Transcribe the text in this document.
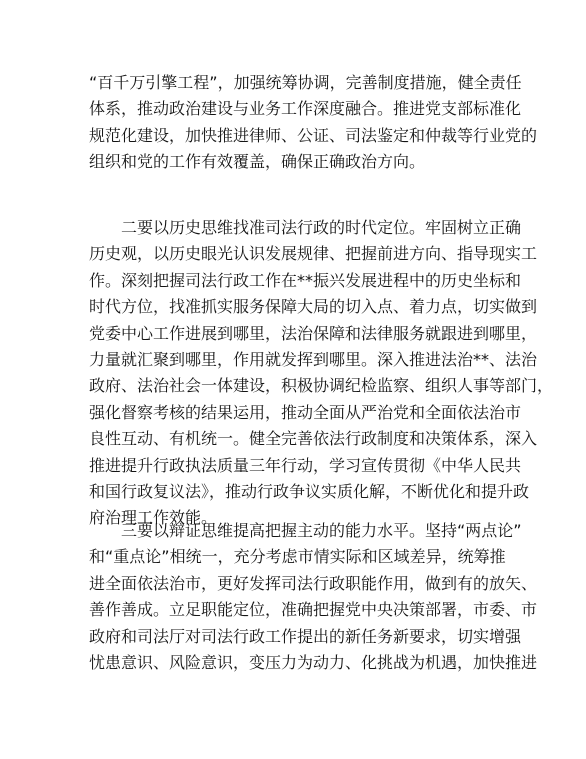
“百千万引擎工程”，加强统筹协调，完善制度措施，健全责任
体系，推动政治建设与业务工作深度融合。推进党支部标准化
规范化建设，加快推进律师、公证、司法鉴定和仲裁等行业党的
组织和党的工作有效覆盖，确保正确政治方向。
二要以历史思维找准司法行政的时代定位。牢固树立正确
历史观，以历史眼光认识发展规律、把握前进方向、指导现实工
作。深刻把握司法行政工作在**振兴发展进程中的历史坐标和
时代方位，找准抓实服务保障大局的切入点、着力点，切实做到
党委中心工作进展到哪里，法治保障和法律服务就跟进到哪里，
力量就汇聚到哪里，作用就发挥到哪里。深入推进法治**、法治
政府、法治社会一体建设，积极协调纪检监察、组织人事等部门，
强化督察考核的结果运用，推动全面从严治党和全面依法治市
良性互动、有机统一。健全完善依法行政制度和决策体系，深入
推进提升行政执法质量三年行动，学习宣传贯彻《中华人民共
和国行政复议法》，推动行政争议实质化解，不断优化和提升政
府治理工作效能。
三要以辩证思维提高把握主动的能力水平。坚持“两点论”
和“重点论”相统一，充分考虑市情实际和区域差异，统筹推
进全面依法治市，更好发挥司法行政职能作用，做到有的放矢、
善作善成。立足职能定位，准确把握党中央决策部署，市委、市
政府和司法厅对司法行政工作提出的新任务新要求，切实增强
忧患意识、风险意识，变压力为动力、化挑战为机遇，加快推进
